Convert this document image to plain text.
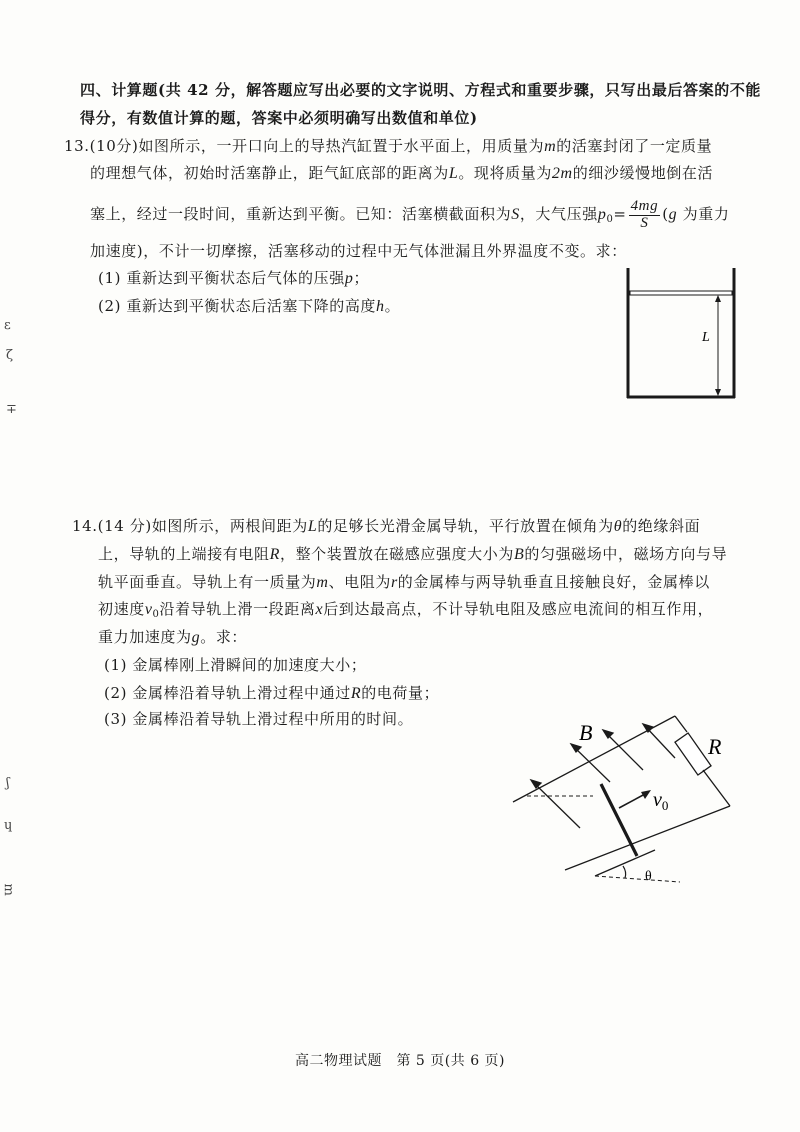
四、计算题(共 42 分，解答题应写出必要的文字说明、方程式和重要步骤，只写出最后答案的不能
得分，有数值计算的题，答案中必须明确写出数值和单位)
13.(10分)如图所示，一开口向上的导热汽缸置于水平面上，用质量为m的活塞封闭了一定质量
的理想气体，初始时活塞静止，距气缸底部的距离为L。现将质量为2m的细沙缓慢地倒在活
塞上，经过一段时间，重新达到平衡。已知：活塞横截面积为S，大气压强$p_0= \frac{4mg}{S} (g$ 为重力
加速度)，不计一切摩擦，活塞移动的过程中无气体泄漏且外界温度不变。求：
(1) 重新达到平衡状态后气体的压强p；
(2) 重新达到平衡状态后活塞下降的高度h。
L
14.(14 分)如图所示，两根间距为L的足够长光滑金属导轨，平行放置在倾角为θ的绝缘斜面
上，导轨的上端接有电阻R，整个装置放在磁感应强度大小为B的匀强磁场中，磁场方向与导
轨平面垂直。导轨上有一质量为m、电阻为r的金属棒与两导轨垂直且接触良好，金属棒以
初速度$v_0$沿着导轨上滑一段距离x后到达最高点，不计导轨电阻及感应电流间的相互作用，
重力加速度为g。求：
(1) 金属棒刚上滑瞬间的加速度大小；
(2) 金属棒沿着导轨上滑过程中通过R的电荷量；
(3) 金属棒沿着导轨上滑过程中所用的时间。
B
R
$v_0$
θ
ε
ζ
∓
ʃ
ɥ
ᴟ
高二物理试题　第 5 页(共 6 页)
